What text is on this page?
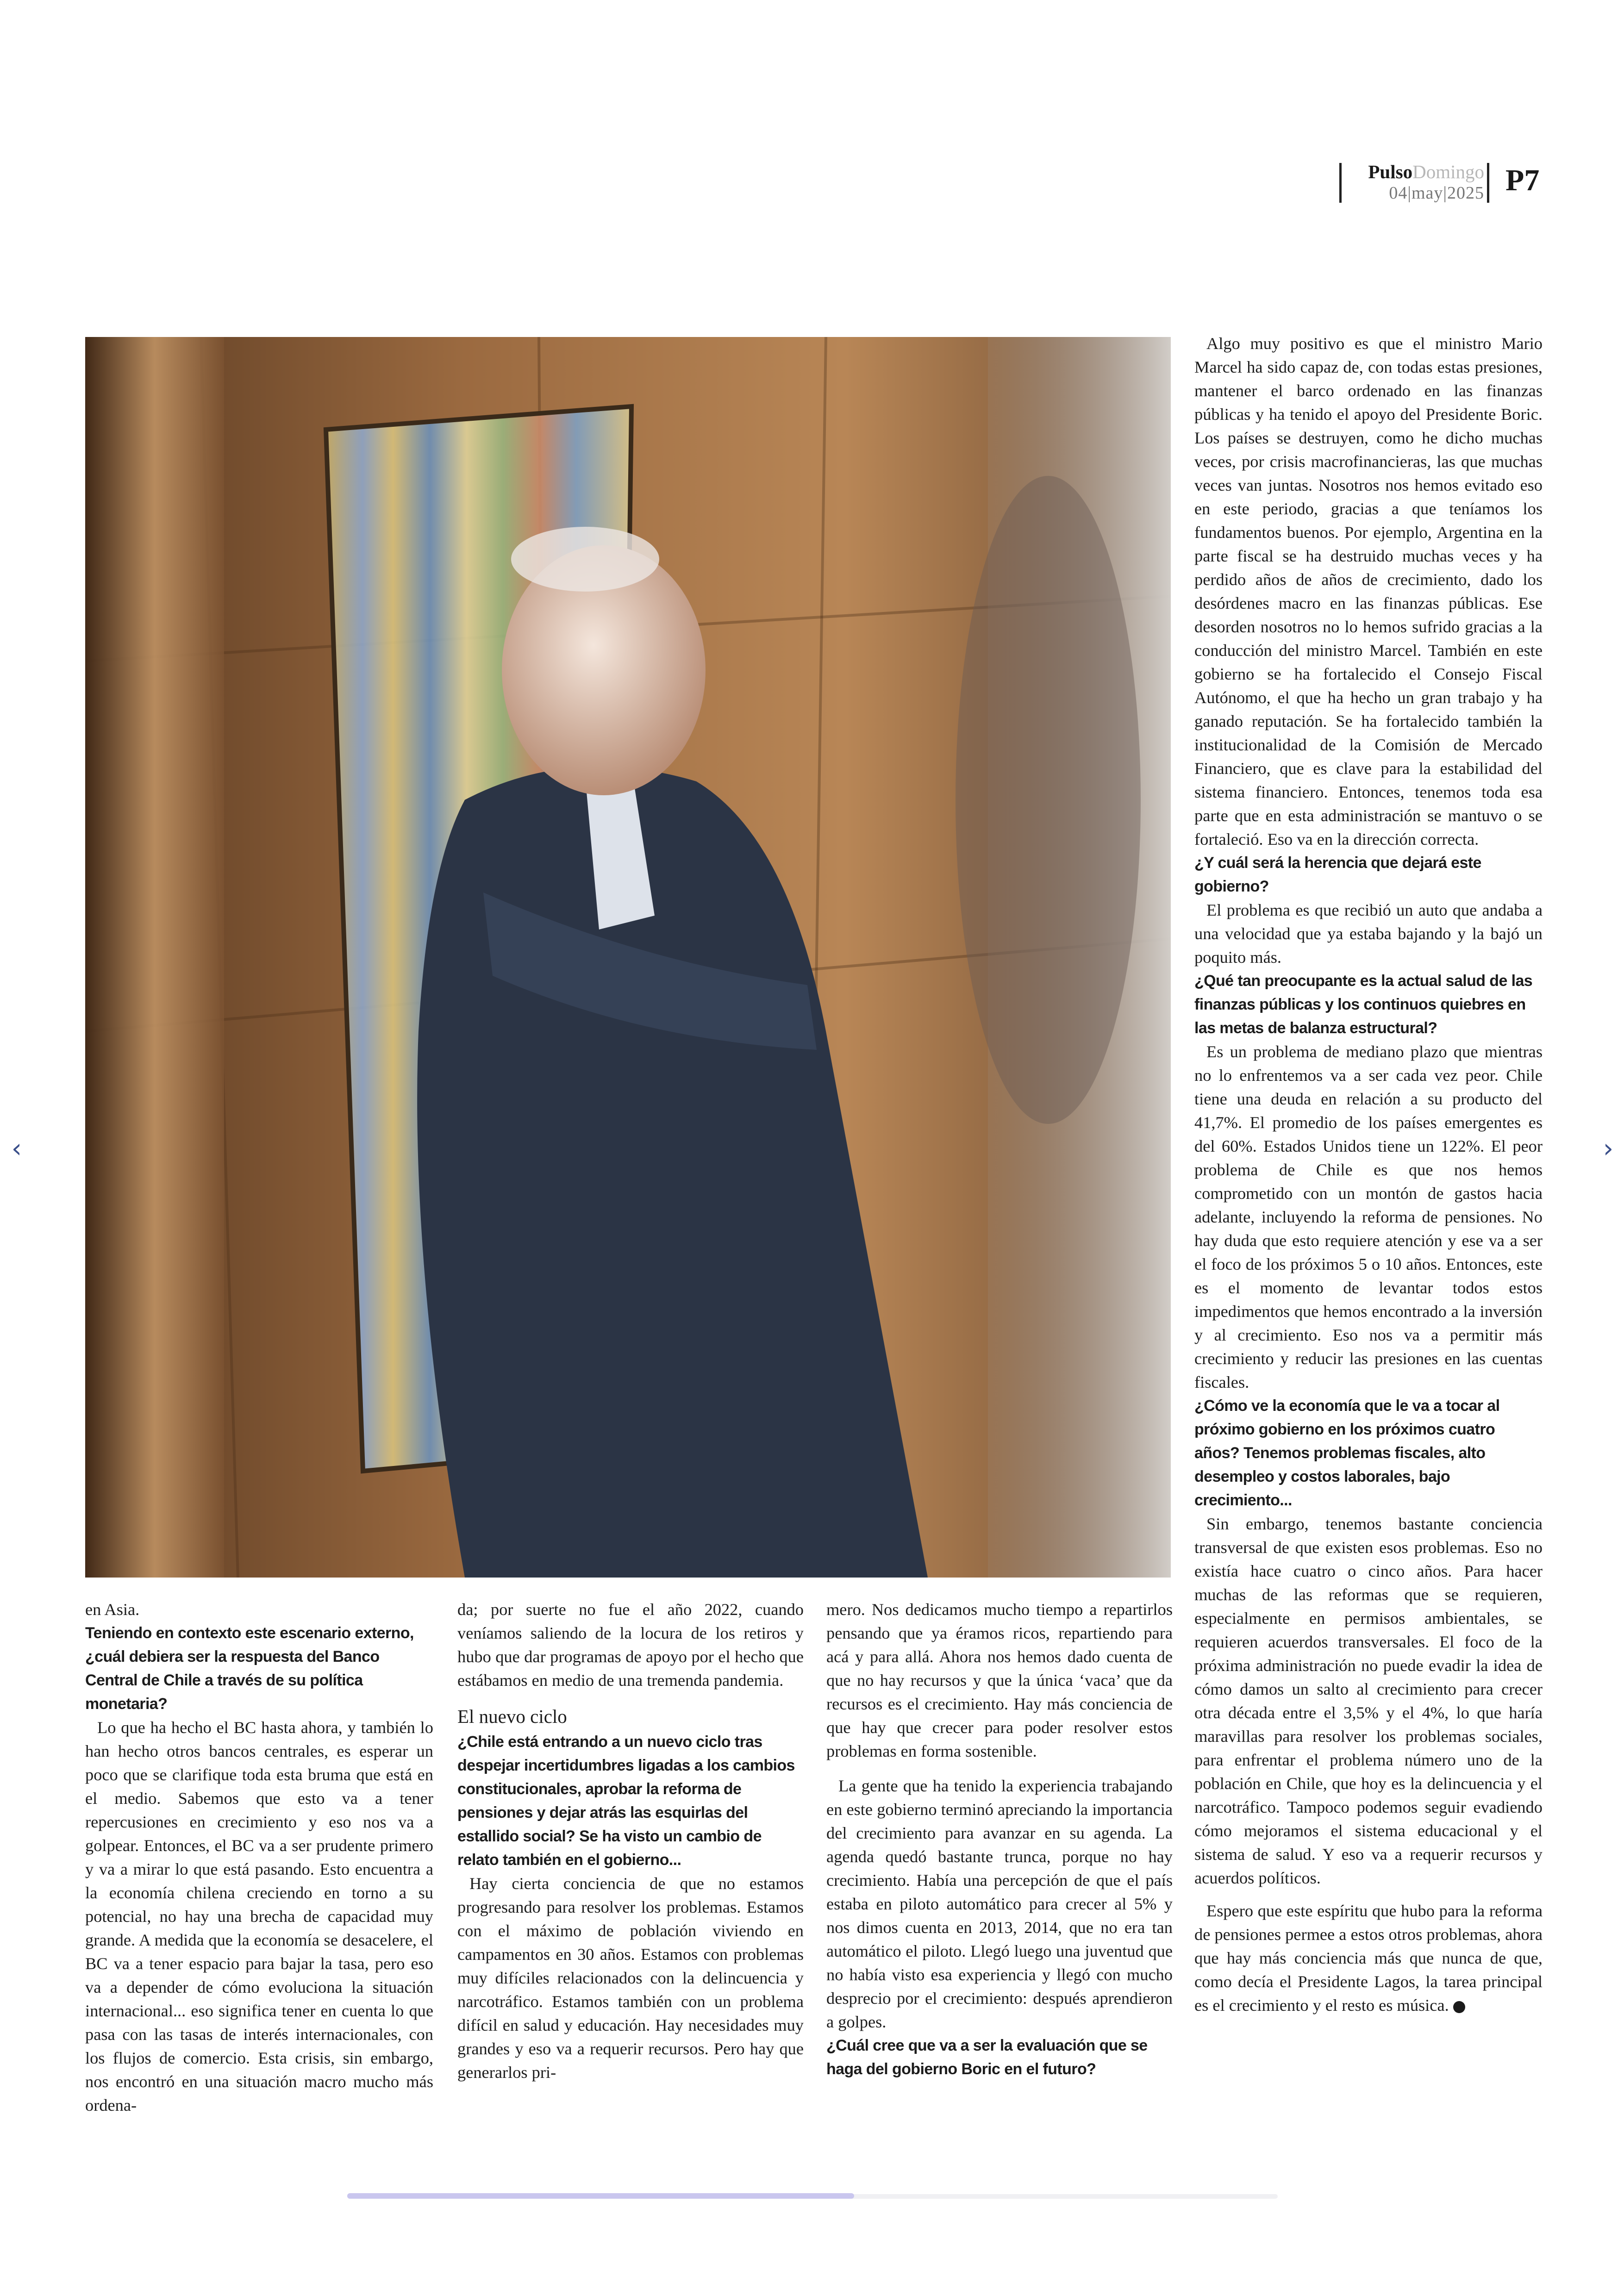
PulsoDomingo
04|may|2025 P7

en Asia.

Teniendo en contexto este escenario externo, ¿cuál debiera ser la respuesta del Banco Central de Chile a través de su política monetaria?

Lo que ha hecho el BC hasta ahora, y también lo han hecho otros bancos centrales, es esperar un poco que se clarifique toda esta bruma que está en el medio. Sabemos que esto va a tener repercusiones en crecimiento y eso nos va a golpear. Entonces, el BC va a ser prudente primero y va a mirar lo que está pasando. Esto encuentra a la economía chilena creciendo en torno a su potencial, no hay una brecha de capacidad muy grande. A medida que la economía se desacelere, el BC va a tener espacio para bajar la tasa, pero eso va a depender de cómo evoluciona la situación internacional... eso significa tener en cuenta lo que pasa con las tasas de interés internacionales, con los flujos de comercio. Esta crisis, sin embargo, nos encontró en una situación macro mucho más ordena-

da; por suerte no fue el año 2022, cuando veníamos saliendo de la locura de los retiros y hubo que dar programas de apoyo por el hecho que estábamos en medio de una tremenda pandemia.

El nuevo ciclo

¿Chile está entrando a un nuevo ciclo tras despejar incertidumbres ligadas a los cambios constitucionales, aprobar la reforma de pensiones y dejar atrás las esquirlas del estallido social? Se ha visto un cambio de relato también en el gobierno...

Hay cierta conciencia de que no estamos progresando para resolver los problemas. Estamos con el máximo de población viviendo en campamentos en 30 años. Estamos con problemas muy difíciles relacionados con la delincuencia y narcotráfico. Estamos también con un problema difícil en salud y educación. Hay necesidades muy grandes y eso va a requerir recursos. Pero hay que generarlos pri-

mero. Nos dedicamos mucho tiempo a repartirlos pensando que ya éramos ricos, repartiendo para acá y para allá. Ahora nos hemos dado cuenta de que no hay recursos y que la única ‘vaca’ que da recursos es el crecimiento. Hay más conciencia de que hay que crecer para poder resolver estos problemas en forma sostenible.

La gente que ha tenido la experiencia trabajando en este gobierno terminó apreciando la importancia del crecimiento para avanzar en su agenda. La agenda quedó bastante trunca, porque no hay crecimiento. Había una percepción de que el país estaba en piloto automático para crecer al 5% y nos dimos cuenta en 2013, 2014, que no era tan automático el piloto. Llegó luego una juventud que no había visto esa experiencia y llegó con mucho desprecio por el crecimiento: después aprendieron a golpes.

¿Cuál cree que va a ser la evaluación que se haga del gobierno Boric en el futuro?

Algo muy positivo es que el ministro Mario Marcel ha sido capaz de, con todas estas presiones, mantener el barco ordenado en las finanzas públicas y ha tenido el apoyo del Presidente Boric. Los países se destruyen, como he dicho muchas veces, por crisis macrofinancieras, las que muchas veces van juntas. Nosotros nos hemos evitado eso en este periodo, gracias a que teníamos los fundamentos buenos. Por ejemplo, Argentina en la parte fiscal se ha destruido muchas veces y ha perdido años de años de crecimiento, dado los desórdenes macro en las finanzas públicas. Ese desorden nosotros no lo hemos sufrido gracias a la conducción del ministro Marcel. También en este gobierno se ha fortalecido el Consejo Fiscal Autónomo, el que ha hecho un gran trabajo y ha ganado reputación. Se ha fortalecido también la institucionalidad de la Comisión de Mercado Financiero, que es clave para la estabilidad del sistema financiero. Entonces, tenemos toda esa parte que en esta administración se mantuvo o se fortaleció. Eso va en la dirección correcta.

¿Y cuál será la herencia que dejará este gobierno?

El problema es que recibió un auto que andaba a una velocidad que ya estaba bajando y la bajó un poquito más.

¿Qué tan preocupante es la actual salud de las finanzas públicas y los continuos quiebres en las metas de balanza estructural?

Es un problema de mediano plazo que mientras no lo enfrentemos va a ser cada vez peor. Chile tiene una deuda en relación a su producto del 41,7%. El promedio de los países emergentes es del 60%. Estados Unidos tiene un 122%. El peor problema de Chile es que nos hemos comprometido con un montón de gastos hacia adelante, incluyendo la reforma de pensiones. No hay duda que esto requiere atención y ese va a ser el foco de los próximos 5 o 10 años. Entonces, este es el momento de levantar todos estos impedimentos que hemos encontrado a la inversión y al crecimiento. Eso nos va a permitir más crecimiento y reducir las presiones en las cuentas fiscales.

¿Cómo ve la economía que le va a tocar al próximo gobierno en los próximos cuatro años? Tenemos problemas fiscales, alto desempleo y costos laborales, bajo crecimiento...

Sin embargo, tenemos bastante conciencia transversal de que existen esos problemas. Eso no existía hace cuatro o cinco años. Para hacer muchas de las reformas que se requieren, especialmente en permisos ambientales, se requieren acuerdos transversales. El foco de la próxima administración no puede evadir la idea de cómo damos un salto al crecimiento para crecer otra década entre el 3,5% y el 4%, lo que haría maravillas para resolver los problemas sociales, para enfrentar el problema número uno de la población en Chile, que hoy es la delincuencia y el narcotráfico. Tampoco podemos seguir evadiendo cómo mejoramos el sistema educacional y el sistema de salud. Y eso va a requerir recursos y acuerdos políticos.

Espero que este espíritu que hubo para la reforma de pensiones permee a estos otros problemas, ahora que hay más conciencia más que nunca de que, como decía el Presidente Lagos, la tarea principal es el crecimiento y el resto es música. P

‹	›
